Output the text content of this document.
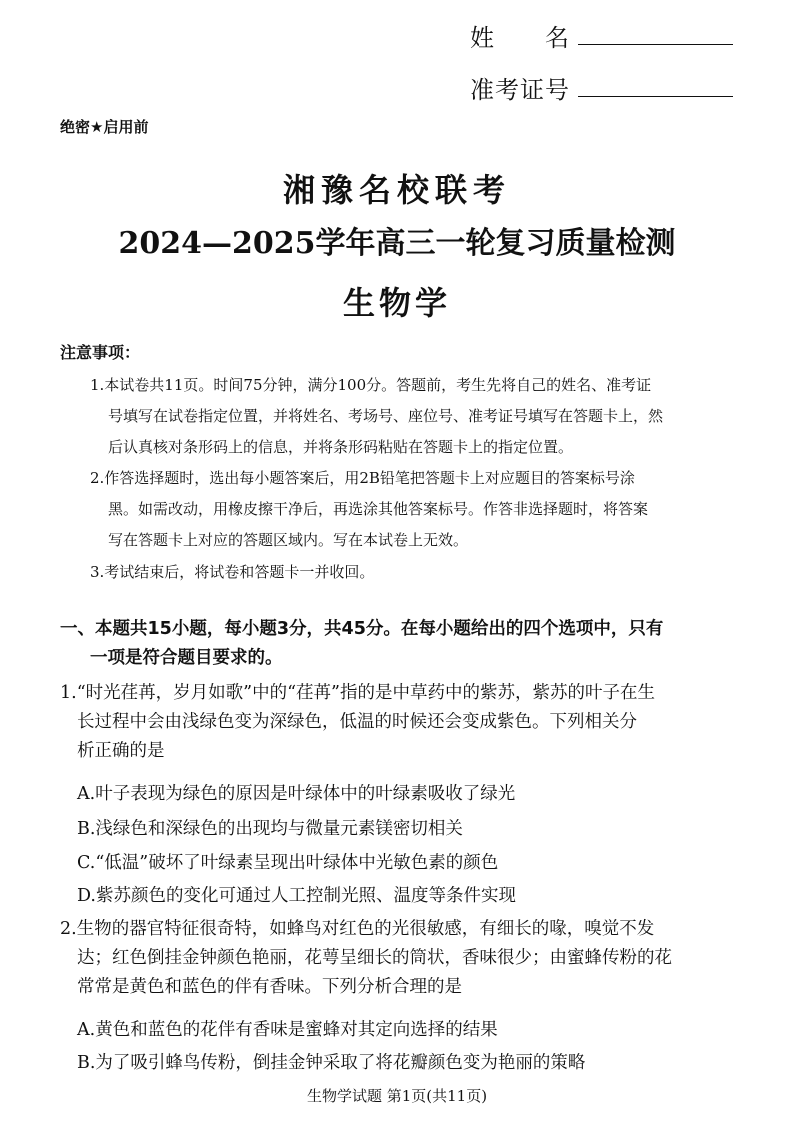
姓　　名
准考证号
绝密★启用前
湘豫名校联考
2024—2025学年高三一轮复习质量检测
生物学
注意事项：
1.本试卷共11页。时间75分钟，满分100分。答题前，考生先将自己的姓名、准考证
号填写在试卷指定位置，并将姓名、考场号、座位号、准考证号填写在答题卡上，然
后认真核对条形码上的信息，并将条形码粘贴在答题卡上的指定位置。
2.作答选择题时，选出每小题答案后，用2B铅笔把答题卡上对应题目的答案标号涂
黑。如需改动，用橡皮擦干净后，再选涂其他答案标号。作答非选择题时，将答案
写在答题卡上对应的答题区域内。写在本试卷上无效。
3.考试结束后，将试卷和答题卡一并收回。
一、本题共15小题，每小题3分，共45分。在每小题给出的四个选项中，只有
一项是符合题目要求的。
1.“时光荏苒，岁月如歌”中的“荏苒”指的是中草药中的紫苏，紫苏的叶子在生
长过程中会由浅绿色变为深绿色，低温的时候还会变成紫色。下列相关分
析正确的是
A.叶子表现为绿色的原因是叶绿体中的叶绿素吸收了绿光
B.浅绿色和深绿色的出现均与微量元素镁密切相关
C.“低温”破坏了叶绿素呈现出叶绿体中光敏色素的颜色
D.紫苏颜色的变化可通过人工控制光照、温度等条件实现
2.生物的器官特征很奇特，如蜂鸟对红色的光很敏感，有细长的喙，嗅觉不发
达；红色倒挂金钟颜色艳丽，花萼呈细长的筒状，香味很少；由蜜蜂传粉的花
常常是黄色和蓝色的伴有香味。下列分析合理的是
A.黄色和蓝色的花伴有香味是蜜蜂对其定向选择的结果
B.为了吸引蜂鸟传粉，倒挂金钟采取了将花瓣颜色变为艳丽的策略
生物学试题 第1页(共11页)
